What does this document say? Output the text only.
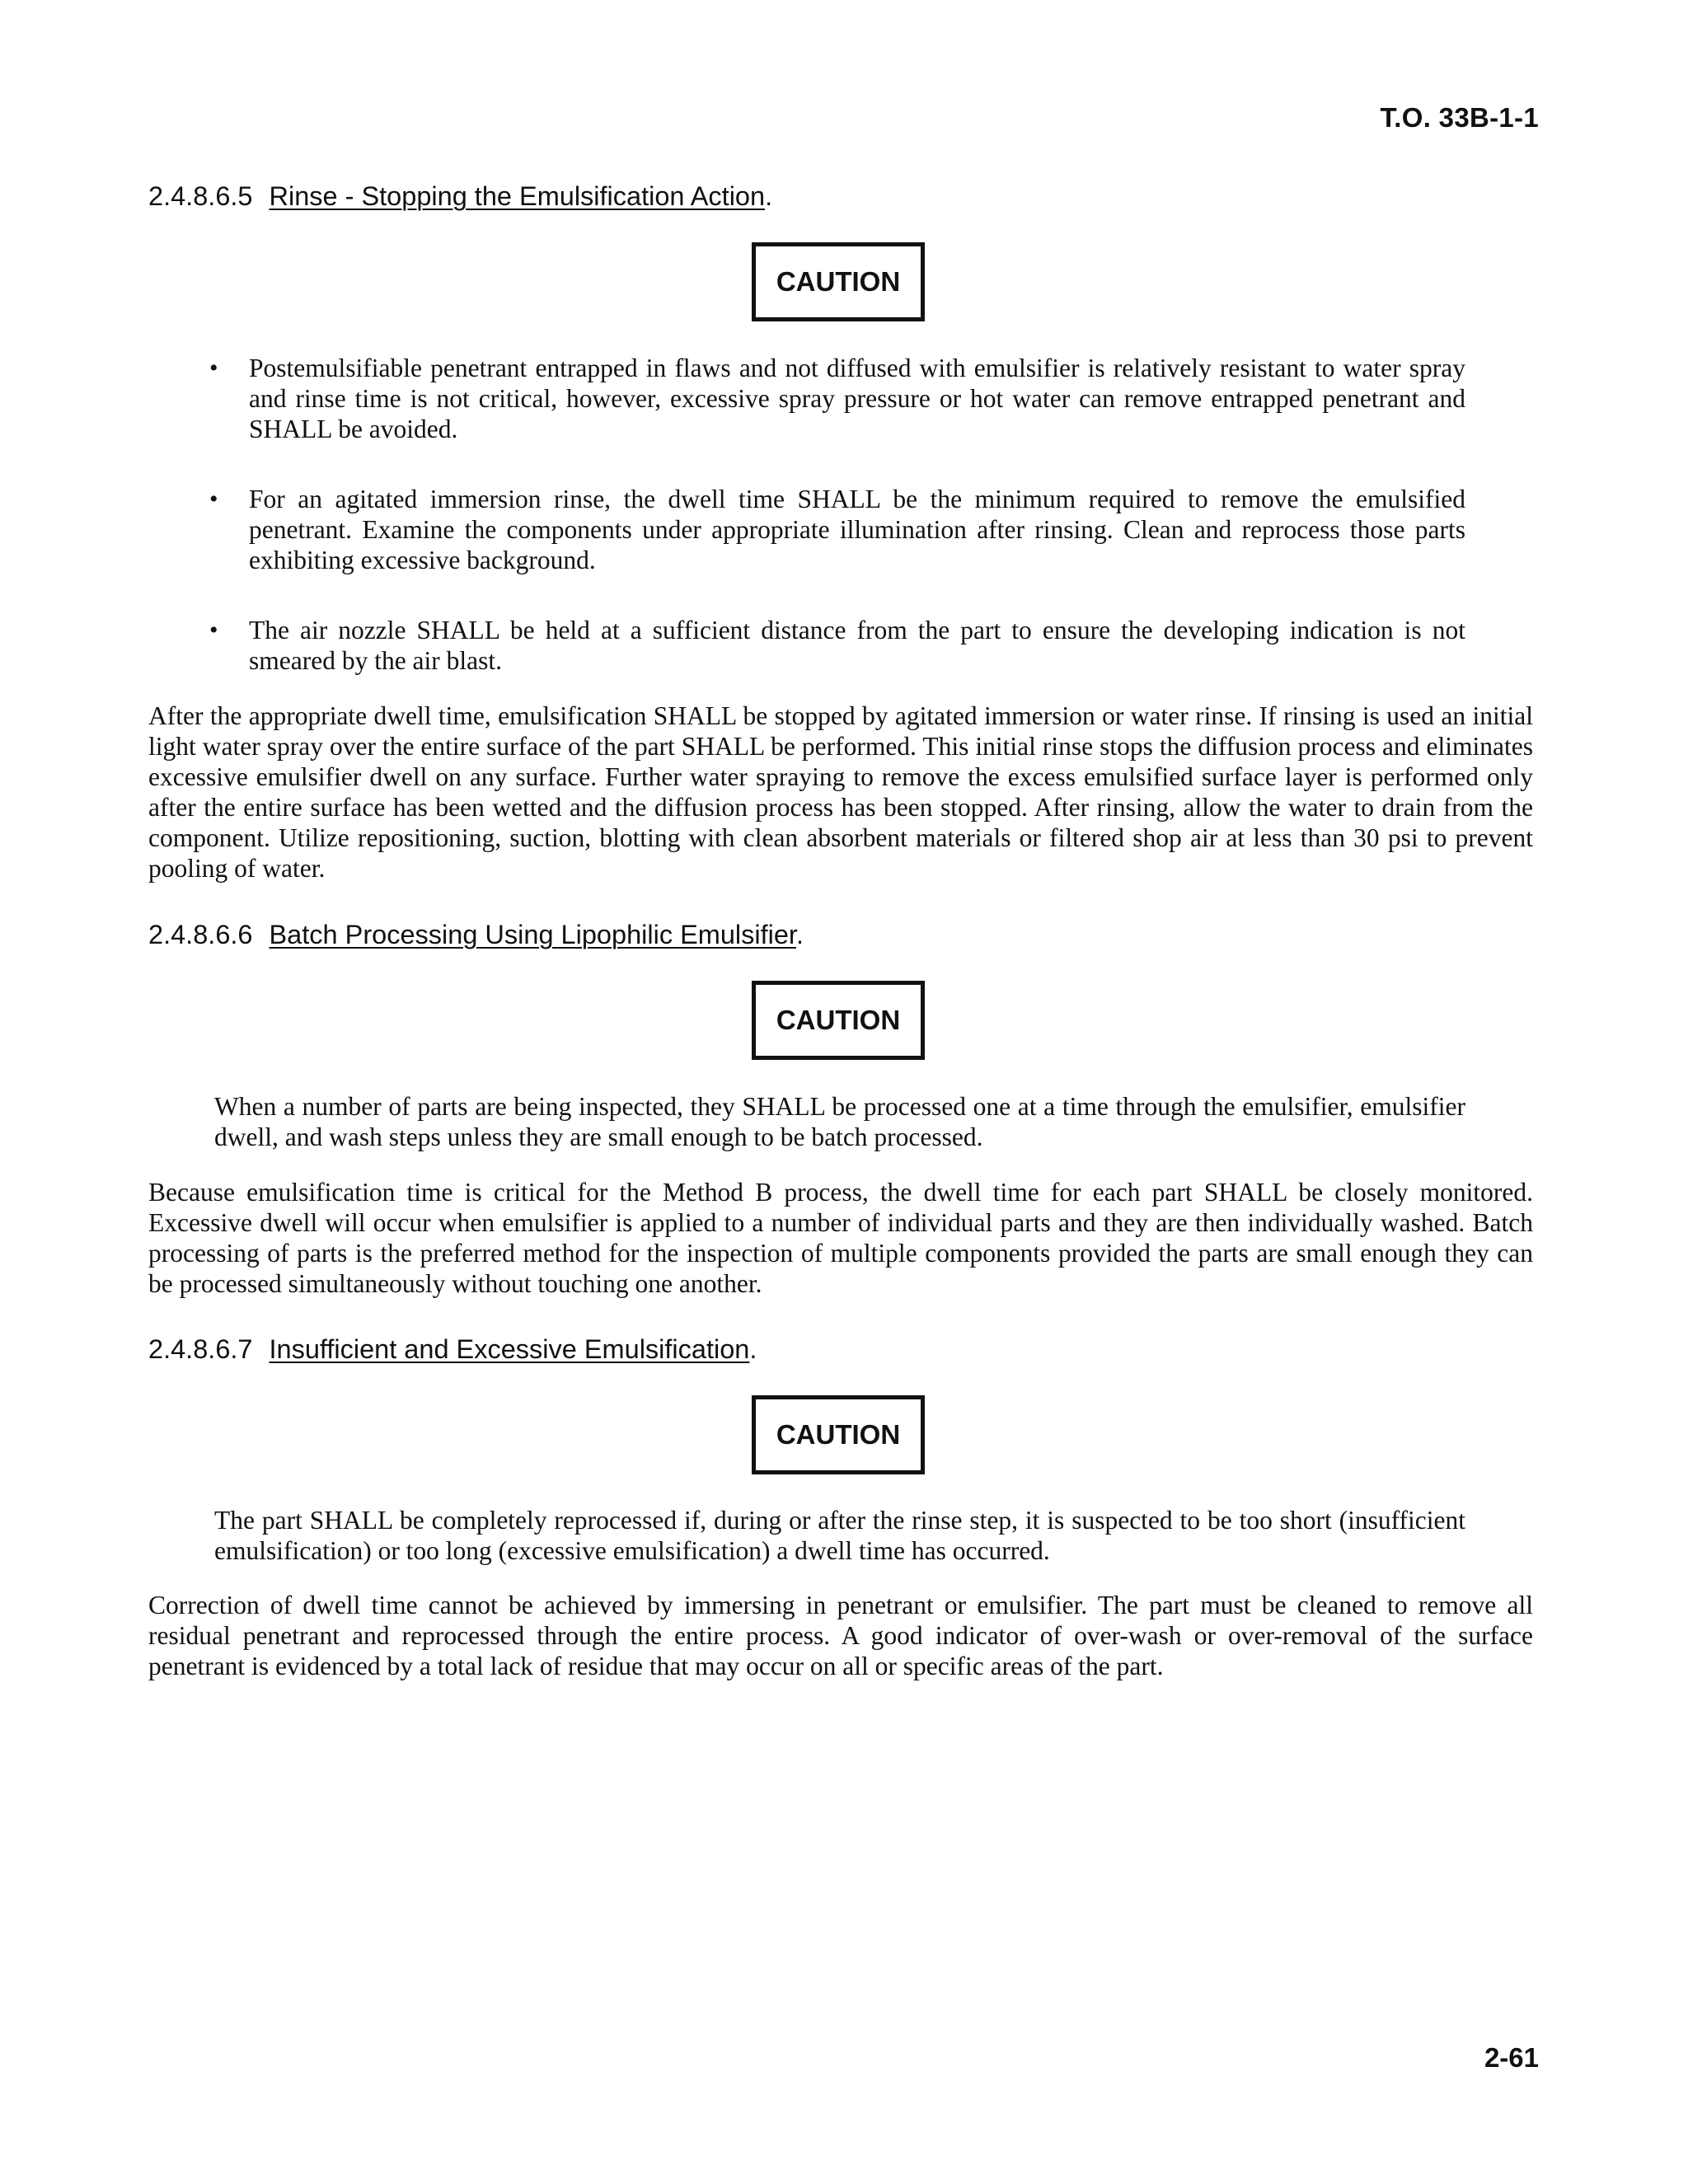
T.O. 33B-1-1
2.4.8.6.5 Rinse - Stopping the Emulsification Action.
CAUTION
• Postemulsifiable penetrant entrapped in flaws and not diffused with emulsifier is relatively resistant to water spray and rinse time is not critical, however, excessive spray pressure or hot water can remove entrapped penetrant and SHALL be avoided.
• For an agitated immersion rinse, the dwell time SHALL be the minimum required to remove the emulsified penetrant. Examine the components under appropriate illumination after rinsing. Clean and reprocess those parts exhibiting excessive background.
• The air nozzle SHALL be held at a sufficient distance from the part to ensure the developing indication is not smeared by the air blast.
After the appropriate dwell time, emulsification SHALL be stopped by agitated immersion or water rinse. If rinsing is used an initial light water spray over the entire surface of the part SHALL be performed. This initial rinse stops the diffusion process and eliminates excessive emulsifier dwell on any surface. Further water spraying to remove the excess emulsified surface layer is performed only after the entire surface has been wetted and the diffusion process has been stopped. After rinsing, allow the water to drain from the component. Utilize repositioning, suction, blotting with clean absorbent materials or filtered shop air at less than 30 psi to prevent pooling of water.
2.4.8.6.6 Batch Processing Using Lipophilic Emulsifier.
CAUTION
When a number of parts are being inspected, they SHALL be processed one at a time through the emulsifier, emulsifier dwell, and wash steps unless they are small enough to be batch processed.
Because emulsification time is critical for the Method B process, the dwell time for each part SHALL be closely monitored. Excessive dwell will occur when emulsifier is applied to a number of individual parts and they are then individually washed. Batch processing of parts is the preferred method for the inspection of multiple components provided the parts are small enough they can be processed simultaneously without touching one another.
2.4.8.6.7 Insufficient and Excessive Emulsification.
CAUTION
The part SHALL be completely reprocessed if, during or after the rinse step, it is suspected to be too short (insufficient emulsification) or too long (excessive emulsification) a dwell time has occurred.
Correction of dwell time cannot be achieved by immersing in penetrant or emulsifier. The part must be cleaned to remove all residual penetrant and reprocessed through the entire process. A good indicator of over-wash or over-removal of the surface penetrant is evidenced by a total lack of residue that may occur on all or specific areas of the part.
2-61
